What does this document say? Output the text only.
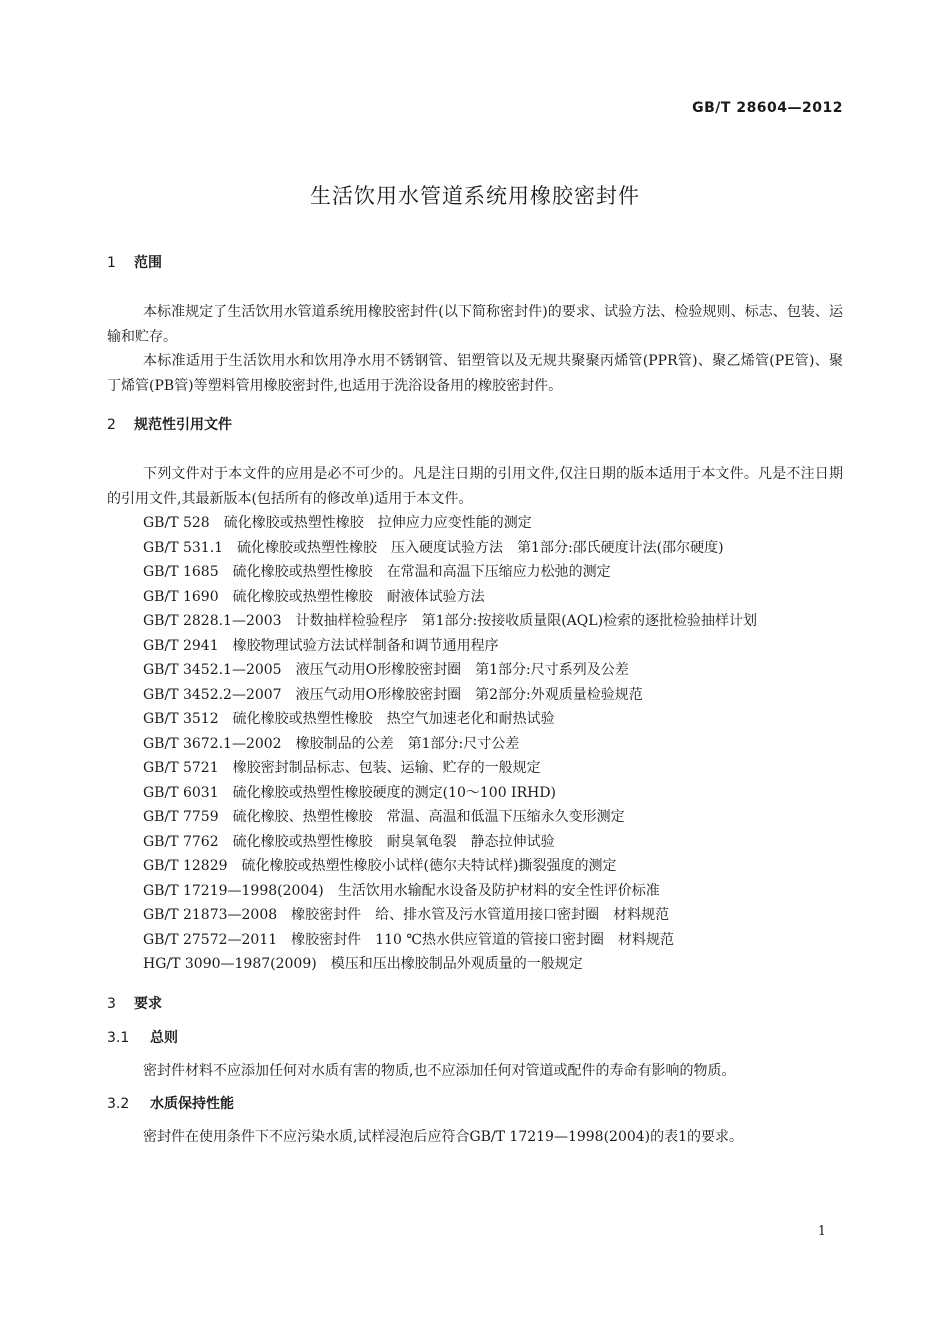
GB/T 28604—2012
生活饮用水管道系统用橡胶密封件
1 范围
本标准规定了生活饮用水管道系统用橡胶密封件(以下简称密封件)的要求、试验方法、检验规则、标志、包装、运输和贮存。
本标准适用于生活饮用水和饮用净水用不锈钢管、铝塑管以及无规共聚聚丙烯管(PPR管)、聚乙烯管(PE管)、聚丁烯管(PB管)等塑料管用橡胶密封件,也适用于洗浴设备用的橡胶密封件。
2 规范性引用文件
下列文件对于本文件的应用是必不可少的。凡是注日期的引用文件,仅注日期的版本适用于本文件。凡是不注日期的引用文件,其最新版本(包括所有的修改单)适用于本文件。
GB/T 528 硫化橡胶或热塑性橡胶　拉伸应力应变性能的测定
GB/T 531.1 硫化橡胶或热塑性橡胶　压入硬度试验方法　第1部分:邵氏硬度计法(邵尔硬度)
GB/T 1685 硫化橡胶或热塑性橡胶　在常温和高温下压缩应力松弛的测定
GB/T 1690 硫化橡胶或热塑性橡胶　耐液体试验方法
GB/T 2828.1—2003 计数抽样检验程序　第1部分:按接收质量限(AQL)检索的逐批检验抽样计划
GB/T 2941 橡胶物理试验方法试样制备和调节通用程序
GB/T 3452.1—2005 液压气动用O形橡胶密封圈　第1部分:尺寸系列及公差
GB/T 3452.2—2007 液压气动用O形橡胶密封圈　第2部分:外观质量检验规范
GB/T 3512 硫化橡胶或热塑性橡胶　热空气加速老化和耐热试验
GB/T 3672.1—2002 橡胶制品的公差　第1部分:尺寸公差
GB/T 5721 橡胶密封制品标志、包装、运输、贮存的一般规定
GB/T 6031 硫化橡胶或热塑性橡胶硬度的测定(10～100 IRHD)
GB/T 7759 硫化橡胶、热塑性橡胶　常温、高温和低温下压缩永久变形测定
GB/T 7762 硫化橡胶或热塑性橡胶　耐臭氧龟裂　静态拉伸试验
GB/T 12829 硫化橡胶或热塑性橡胶小试样(德尔夫特试样)撕裂强度的测定
GB/T 17219—1998(2004) 生活饮用水输配水设备及防护材料的安全性评价标准
GB/T 21873—2008 橡胶密封件　给、排水管及污水管道用接口密封圈　材料规范
GB/T 27572—2011 橡胶密封件　110 ℃热水供应管道的管接口密封圈　材料规范
HG/T 3090—1987(2009) 模压和压出橡胶制品外观质量的一般规定
3 要求
3.1 总则
密封件材料不应添加任何对水质有害的物质,也不应添加任何对管道或配件的寿命有影响的物质。
3.2 水质保持性能
密封件在使用条件下不应污染水质,试样浸泡后应符合GB/T 17219—1998(2004)的表1的要求。
1
